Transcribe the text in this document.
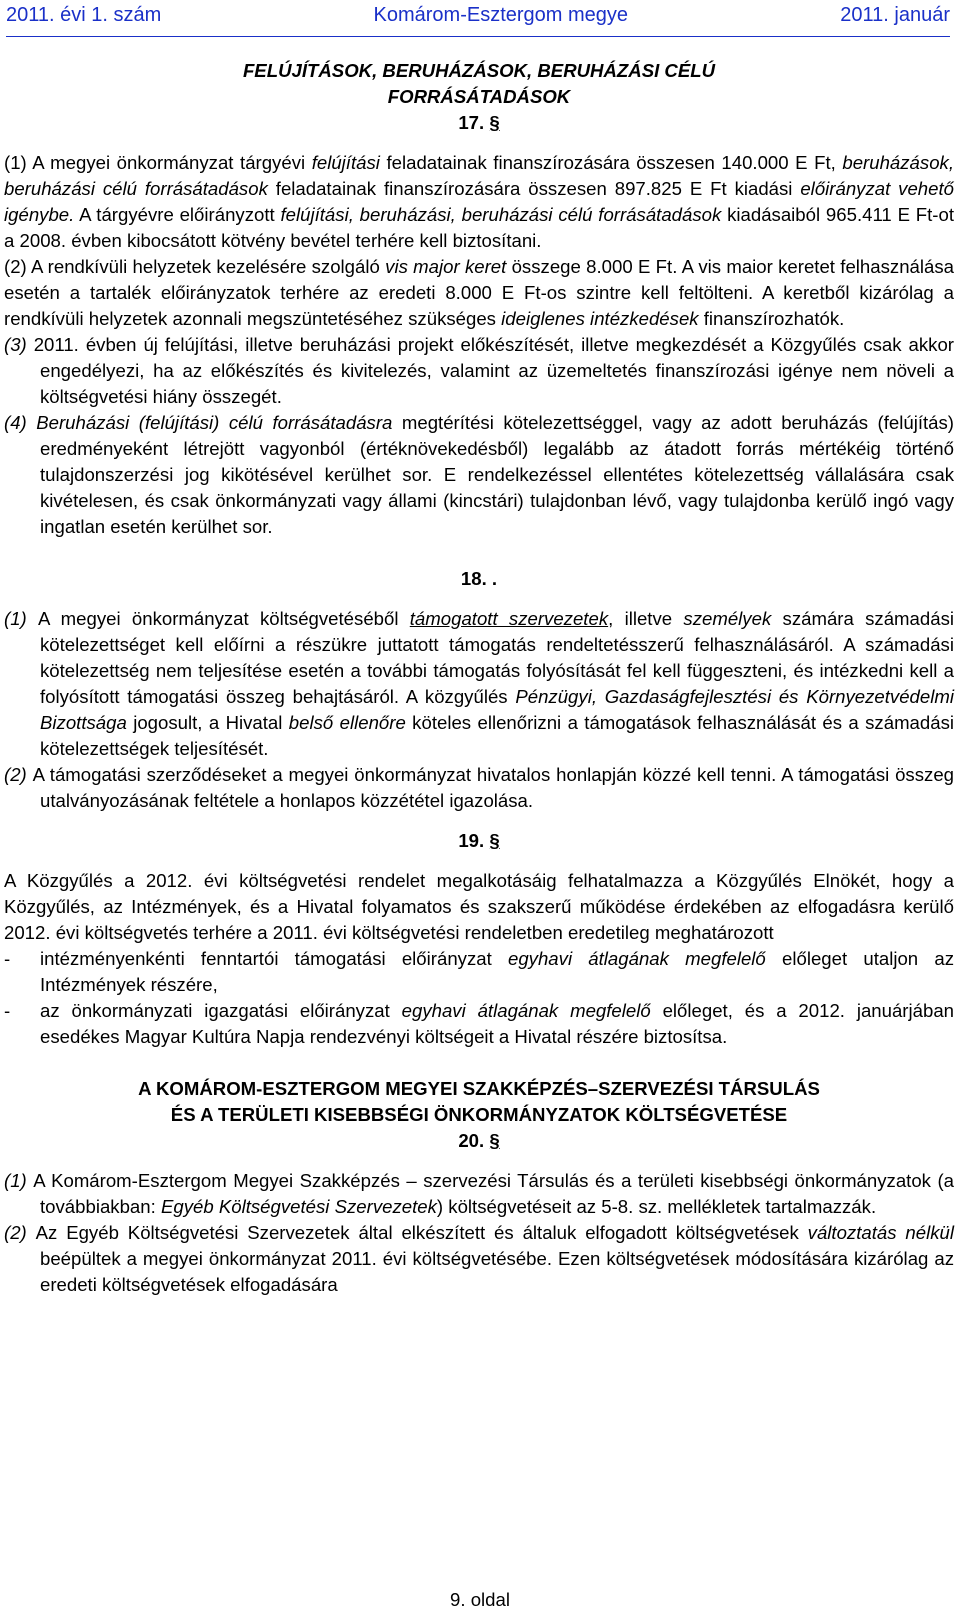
2011. évi 1. szám	Komárom-Esztergom megye	2011. január
FELÚJÍTÁSOK, BERUHÁZÁSOK, BERUHÁZÁSI CÉLÚ
FORRÁSÁTADÁSOK
17. §

(1) A megyei önkormányzat tárgyévi felújítási feladatainak finanszírozására összesen 140.000 E Ft, beruházások, beruházási célú forrásátadások feladatainak finanszírozására összesen 897.825 E Ft kiadási előirányzat vehető igénybe. A tárgyévre előirányzott felújítási, beruházási, beruházási célú forrásátadások kiadásaiból 965.411 E Ft-ot a 2008. évben kibocsátott kötvény bevétel terhére kell biztosítani.

(2) A rendkívüli helyzetek kezelésére szolgáló vis major keret összege 8.000 E Ft. A vis maior keretet felhasználása esetén a tartalék előirányzatok terhére az eredeti 8.000 E Ft-os szintre kell feltölteni. A keretből kizárólag a rendkívüli helyzetek azonnali megszüntetéséhez szükséges ideiglenes intézkedések finanszírozhatók.

(3) 2011. évben új felújítási, illetve beruházási projekt előkészítését, illetve megkezdését a Közgyűlés csak akkor engedélyezi, ha az előkészítés és kivitelezés, valamint az üzemeltetés finanszírozási igénye nem növeli a költségvetési hiány összegét.

(4) Beruházási (felújítási) célú forrásátadásra megtérítési kötelezettséggel, vagy az adott beruházás (felújítás) eredményeként létrejött vagyonból (értéknövekedésből) legalább az átadott forrás mértékéig történő tulajdonszerzési jog kikötésével kerülhet sor. E rendelkezéssel ellentétes kötelezettség vállalására csak kivételesen, és csak önkormányzati vagy állami (kincstári) tulajdonban lévő, vagy tulajdonba kerülő ingó vagy ingatlan esetén kerülhet sor.

18. .

(1) A megyei önkormányzat költségvetéséből támogatott szervezetek, illetve személyek számára számadási kötelezettséget kell előírni a részükre juttatott támogatás rendeltetésszerű felhasználásáról. A számadási kötelezettség nem teljesítése esetén a további támogatás folyósítását fel kell függeszteni, és intézkedni kell a folyósított támogatási összeg behajtásáról. A közgyűlés Pénzügyi, Gazdaságfejlesztési és Környezetvédelmi Bizottsága jogosult, a Hivatal belső ellenőre köteles ellenőrizni a támogatások felhasználását és a számadási kötelezettségek teljesítését.

(2) A támogatási szerződéseket a megyei önkormányzat hivatalos honlapján közzé kell tenni. A támogatási összeg utalványozásának feltétele a honlapos közzététel igazolása.

19. §

A Közgyűlés a 2012. évi költségvetési rendelet megalkotásáig felhatalmazza a Közgyűlés Elnökét, hogy a Közgyűlés, az Intézmények, és a Hivatal folyamatos és szakszerű működése érdekében az elfogadásra kerülő 2012. évi költségvetés terhére a 2011. évi költségvetési rendeletben eredetileg meghatározott

- intézményenkénti fenntartói támogatási előirányzat egyhavi átlagának megfelelő előleget utaljon az Intézmények részére,

- az önkormányzati igazgatási előirányzat egyhavi átlagának megfelelő előleget, és a 2012. januárjában esedékes Magyar Kultúra Napja rendezvényi költségeit a Hivatal részére biztosítsa.

A KOMÁROM-ESZTERGOM MEGYEI SZAKKÉPZÉS–SZERVEZÉSI TÁRSULÁS
ÉS A TERÜLETI KISEBBSÉGI ÖNKORMÁNYZATOK KÖLTSÉGVETÉSE
20. §

(1) A Komárom-Esztergom Megyei Szakképzés – szervezési Társulás és a területi kisebbségi önkormányzatok (a továbbiakban: Egyéb Költségvetési Szervezetek) költségvetéseit az 5-8. sz. mellékletek tartalmazzák.

(2) Az Egyéb Költségvetési Szervezetek által elkészített és általuk elfogadott költségvetések változtatás nélkül beépültek a megyei önkormányzat 2011. évi költségvetésébe. Ezen költségvetések módosítására kizárólag az eredeti költségvetések elfogadására

9. oldal
